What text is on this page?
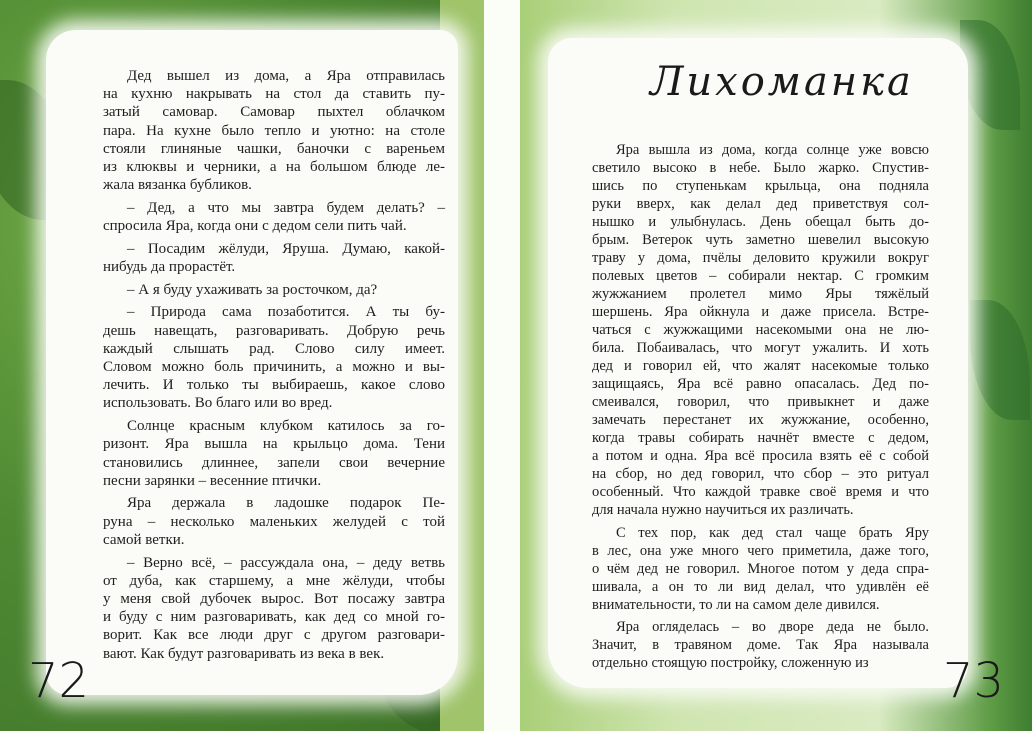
Дед вышел из дома, а Яра отправилась
на кухню накрывать на стол да ставить пу-
затый самовар. Самовар пыхтел облачком
пара. На кухне было тепло и уютно: на столе
стояли глиняные чашки, баночки с вареньем
из клюквы и черники, а на большом блюде ле-
жала вязанка бубликов.
– Дед, а что мы завтра будем делать? –
спросила Яра, когда они с дедом сели пить чай.
– Посадим жёлуди, Яруша. Думаю, какой-
нибудь да прорастёт.
– А я буду ухаживать за росточком, да?
– Природа сама позаботится. А ты бу-
дешь навещать, разговаривать. Добрую речь
каждый слышать рад. Слово силу имеет.
Словом можно боль причинить, а можно и вы-
лечить. И только ты выбираешь, какое слово
использовать. Во благо или во вред.
Солнце красным клубком катилось за го-
ризонт. Яра вышла на крыльцо дома. Тени
становились длиннее, запели свои вечерние
песни зарянки – весенние птички.
Яра держала в ладошке подарок Пе-
руна – несколько маленьких желудей с той
самой ветки.
– Верно всё, – рассуждала она, – деду ветвь
от дуба, как старшему, а мне жёлуди, чтобы
у меня свой дубочек вырос. Вот посажу завтра
и буду с ним разговаривать, как дед со мной го-
ворит. Как все люди друг с другом разговари-
вают. Как будут разговаривать из века в век.
72
Лихоманка
Яра вышла из дома, когда солнце уже вовсю
светило высоко в небе. Было жарко. Спустив-
шись по ступенькам крыльца, она подняла
руки вверх, как делал дед приветствуя сол-
нышко и улыбнулась. День обещал быть до-
брым. Ветерок чуть заметно шевелил высокую
траву у дома, пчёлы деловито кружили вокруг
полевых цветов – собирали нектар. С громким
жужжанием пролетел мимо Яры тяжёлый
шершень. Яра ойкнула и даже присела. Встре-
чаться с жужжащими насекомыми она не лю-
била. Побаивалась, что могут ужалить. И хоть
дед и говорил ей, что жалят насекомые только
защищаясь, Яра всё равно опасалась. Дед по-
смеивался, говорил, что привыкнет и даже
замечать перестанет их жужжание, особенно,
когда травы собирать начнёт вместе с дедом,
а потом и одна. Яра всё просила взять её с собой
на сбор, но дед говорил, что сбор – это ритуал
особенный. Что каждой травке своё время и что
для начала нужно научиться их различать.
С тех пор, как дед стал чаще брать Яру
в лес, она уже много чего приметила, даже того,
о чём дед не говорил. Многое потом у деда спра-
шивала, а он то ли вид делал, что удивлён её
внимательности, то ли на самом деле дивился.
Яра огляделась – во дворе деда не было.
Значит, в травяном доме. Так Яра называла
отдельно стоящую постройку, сложенную из	73
